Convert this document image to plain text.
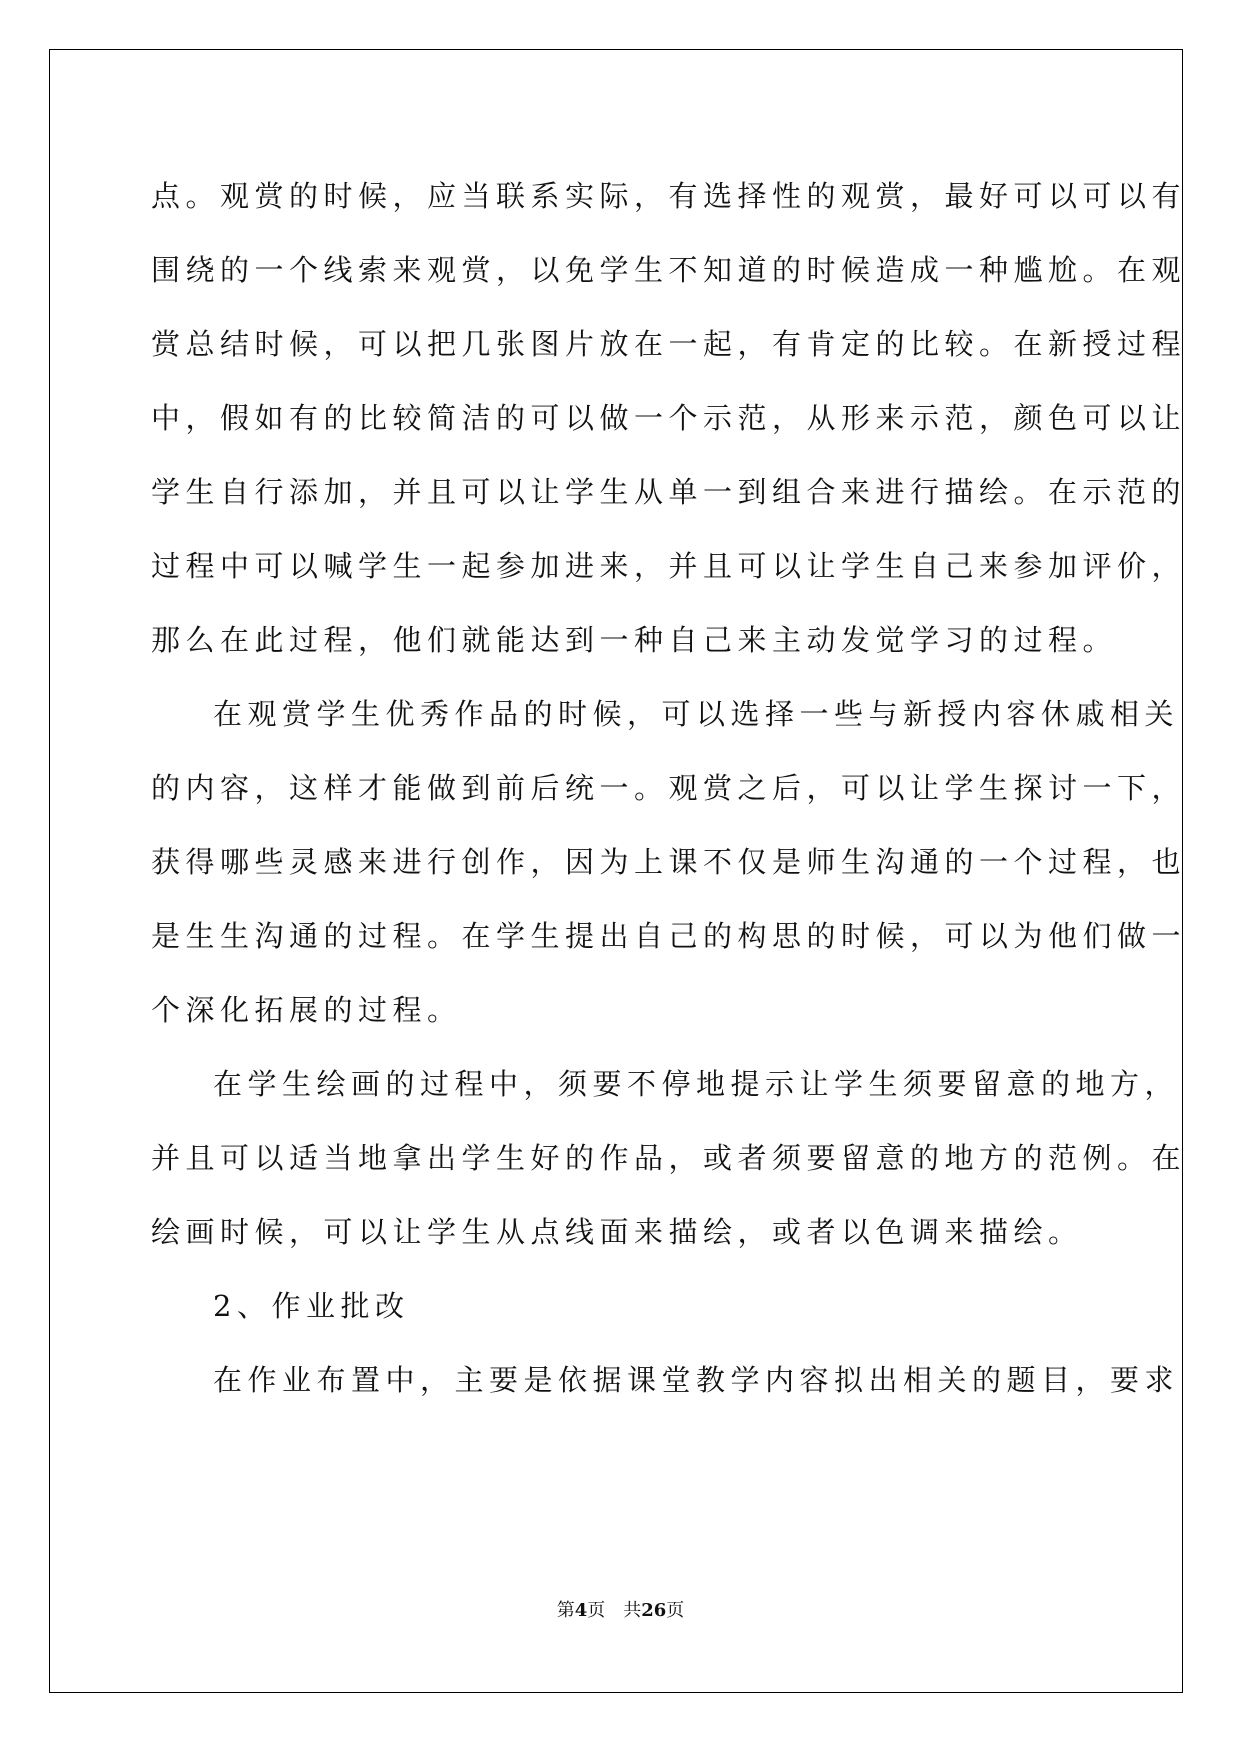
点。观赏的时候，应当联系实际，有选择性的观赏，最好可以可以有
围绕的一个线索来观赏，以免学生不知道的时候造成一种尴尬。在观
赏总结时候，可以把几张图片放在一起，有肯定的比较。在新授过程
中，假如有的比较简洁的可以做一个示范，从形来示范，颜色可以让
学生自行添加，并且可以让学生从单一到组合来进行描绘。在示范的
过程中可以喊学生一起参加进来，并且可以让学生自己来参加评价，
那么在此过程，他们就能达到一种自己来主动发觉学习的过程。
在观赏学生优秀作品的时候，可以选择一些与新授内容休戚相关
的内容，这样才能做到前后统一。观赏之后，可以让学生探讨一下，
获得哪些灵感来进行创作，因为上课不仅是师生沟通的一个过程，也
是生生沟通的过程。在学生提出自己的构思的时候，可以为他们做一
个深化拓展的过程。
在学生绘画的过程中，须要不停地提示让学生须要留意的地方，
并且可以适当地拿出学生好的作品，或者须要留意的地方的范例。在
绘画时候，可以让学生从点线面来描绘，或者以色调来描绘。
2、作业批改
在作业布置中，主要是依据课堂教学内容拟出相关的题目，要求
第4页　共26页
